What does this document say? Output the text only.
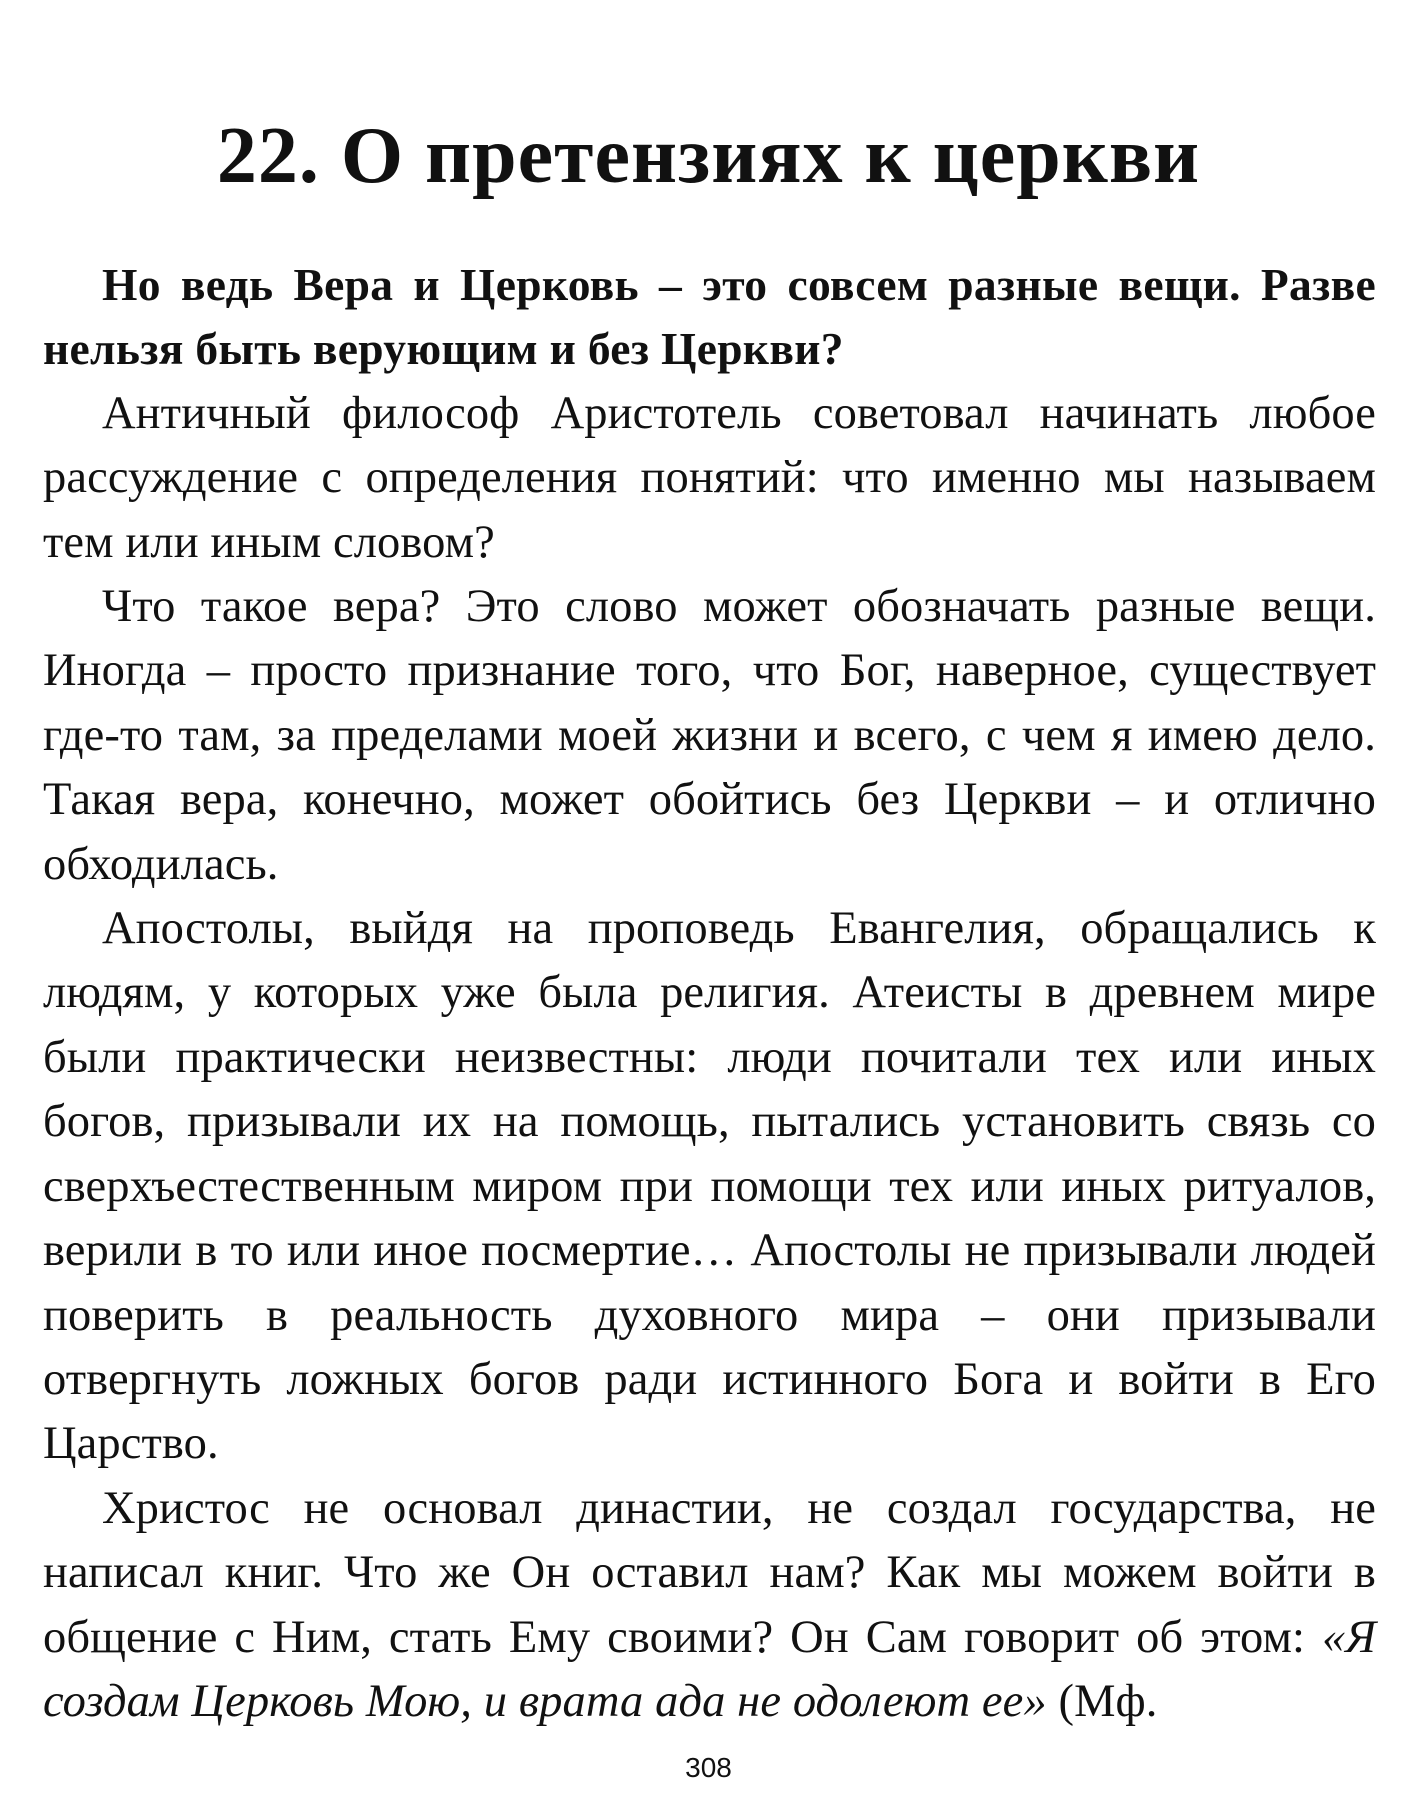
22. О претензиях к церкви

Но ведь Вера и Церковь – это совсем разные вещи. Разве нельзя быть верующим и без Церкви?

Античный философ Аристотель советовал начинать любое рассуждение с определения понятий: что именно мы называем тем или иным словом?

Что такое вера? Это слово может обозначать разные вещи. Иногда – просто признание того, что Бог, наверное, существует где-то там, за пределами моей жизни и всего, с чем я имею дело. Такая вера, конечно, может обойтись без Церкви – и отлично обходилась.

Апостолы, выйдя на проповедь Евангелия, обращались к людям, у которых уже была религия. Атеисты в древнем мире были практически неизвестны: люди почитали тех или иных богов, призывали их на помощь, пытались установить связь со сверхъестественным миром при помощи тех или иных ритуалов, верили в то или иное посмертие… Апостолы не призывали людей поверить в реальность духовного мира – они призывали отвергнуть ложных богов ради истинного Бога и войти в Его Царство.

Христос не основал династии, не создал государства, не написал книг. Что же Он оставил нам? Как мы можем войти в общение с Ним, стать Ему своими? Он Сам говорит об этом: «Я создам Церковь Мою, и врата ада не одолеют ее» (Мф.

308
